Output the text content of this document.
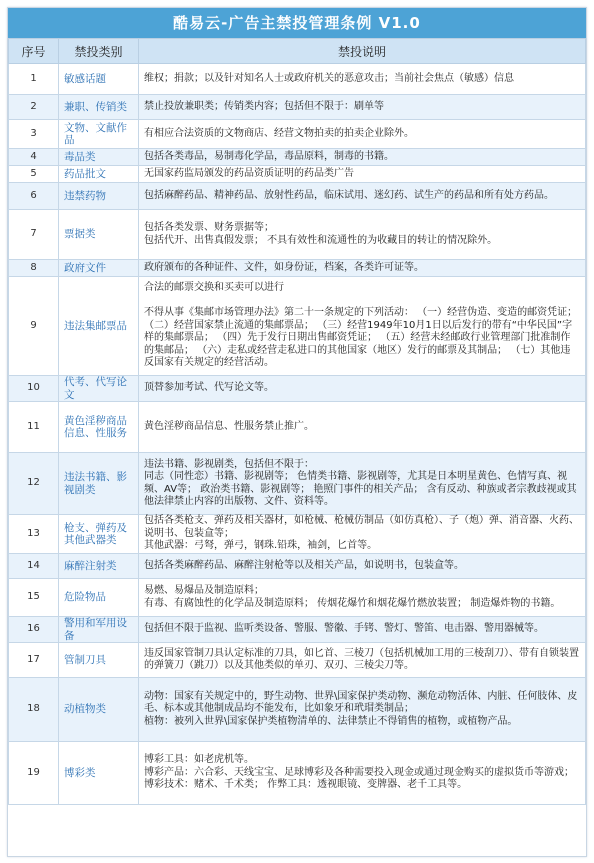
酷易云-广告主禁投管理条例 V1.0
序号	禁投类别	禁投说明
1	敏感话题	维权；捐款；以及针对知名人士或政府机关的恶意攻击；当前社会焦点（敏感）信息
2	兼职、传销类	禁止投放兼职类；传销类内容；包括但不限于：刷单等
3	文物、文献作品	有相应合法资质的文物商店、经营文物拍卖的拍卖企业除外。
4	毒品类	包括各类毒品，易制毒化学品，毒品原料，制毒的书籍。
5	药品批文	无国家药监局颁发的药品资质证明的药品类广告
6	违禁药物	包括麻醉药品、精神药品、放射性药品，临床试用、迷幻药、试生产的药品和所有处方药品。
7	票据类	包括各类发票、财务票据等；
包括代开、出售真假发票； 不具有效性和流通性的为收藏目的转让的情况除外。
8	政府文件	政府颁布的各种证件、文件，如身份证，档案，各类许可证等。
9	违法集邮票品	合法的邮票交换和买卖可以进行

不得从事《集邮市场管理办法》第二十一条规定的下列活动： （一）经营伪造、变造的邮资凭证； （二）经营国家禁止流通的集邮票品； （三）经营1949年10月1日以后发行的带有“中华民国”字样的集邮票品； （四）先于发行日期出售邮资凭证； （五）经营未经邮政行业管理部门批准制作的集邮品； （六）走私或经营走私进口的其他国家（地区）发行的邮票及其制品； （七）其他违反国家有关规定的经营活动。
10	代考、代写论文	顶替参加考试、代写论文等。
11	黄色淫秽商品信息、性服务	黄色淫秽商品信息、性服务禁止推广。
12	违法书籍、影视剧类	违法书籍、影视剧类，包括但不限于：
同志（同性恋）书籍、影视剧等； 色情类书籍、影视剧等，尤其是日本明星黄色、色情写真、视频、AV等； 政治类书籍、影视剧等； 艳照门事件的相关产品； 含有反动、种族或者宗教歧视或其他法律禁止内容的出版物、文件、资料等。
13	枪支、弹药及其他武器类	包括各类枪支、弹药及相关器材，如枪械、枪械仿制品（如仿真枪）、子（炮）弹、消音器、火药、说明书、包装盒等；
其他武器：弓弩，弹弓，钢珠.铅珠，袖剑，匕首等。
14	麻醉注射类	包括各类麻醉药品、麻醉注射枪等以及相关产品，如说明书，包装盒等。
15	危险物品	易燃、易爆品及制造原料；
有毒、有腐蚀性的化学品及制造原料； 传烟花爆竹和烟花爆竹燃放装置； 制造爆炸物的书籍。
16	警用和军用设备	包括但不限于监视、监听类设备、警服、警徽、手铐、警灯、警笛、电击器、警用器械等。
17	管制刀具	违反国家管制刀具认定标准的刀具，如匕首、三棱刀（包括机械加工用的三棱刮刀）、带有自锁装置的弹簧刀（跳刀）以及其他类似的单刃、双刃、三棱尖刀等。
18	动植物类	动物：国家有关规定中的，野生动物、世界\国家保护类动物、濒危动物活体、内脏、任何肢体、皮毛、标本或其他制成品均不能发布，比如象牙和玳瑁类制品；
植物：被列入世界\国家保护类植物清单的、法律禁止不得销售的植物，或植物产品。
19	博彩类	博彩工具：如老虎机等。
博彩产品：六合彩、天线宝宝、足球博彩及各种需要投入现金或通过现金购买的虚拟货币等游戏； 博彩技术：赌术、千术类； 作弊工具：透视眼镜、变牌器、老千工具等。
